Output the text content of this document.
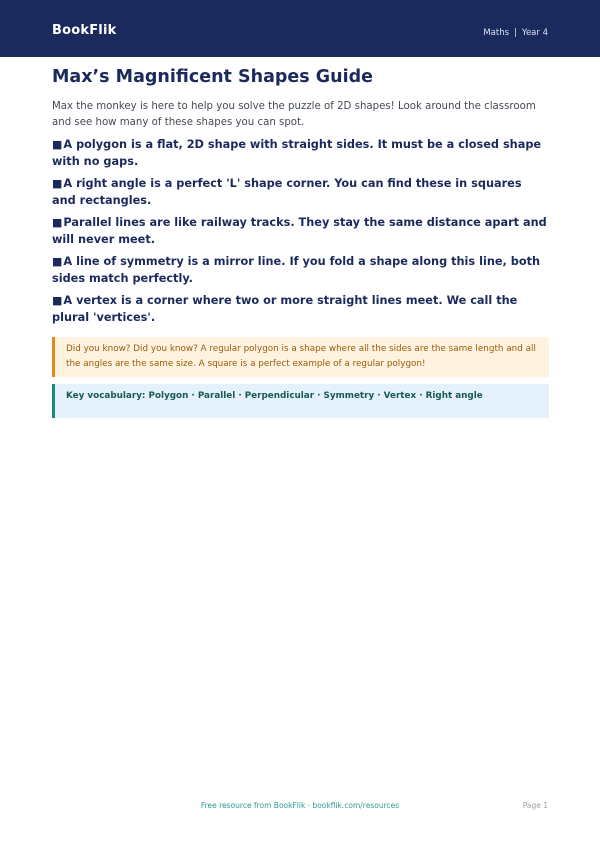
BookFlik	Maths | Year 4
Max’s Magnificent Shapes Guide

Max the monkey is here to help you solve the puzzle of 2D shapes! Look around the classroom and see how many of these shapes you can spot.

■A polygon is a flat, 2D shape with straight sides. It must be a closed shape with no gaps.
■A right angle is a perfect 'L' shape corner. You can find these in squares and rectangles.
■Parallel lines are like railway tracks. They stay the same distance apart and will never meet.
■A line of symmetry is a mirror line. If you fold a shape along this line, both sides match perfectly.
■A vertex is a corner where two or more straight lines meet. We call the plural 'vertices'.
Did you know? Did you know? A regular polygon is a shape where all the sides are the same length and all the angles are the same size. A square is a perfect example of a regular polygon!
Key vocabulary: Polygon · Parallel · Perpendicular · Symmetry · Vertex · Right angle
Free resource from BookFlik · bookflik.com/resources	Page 1
